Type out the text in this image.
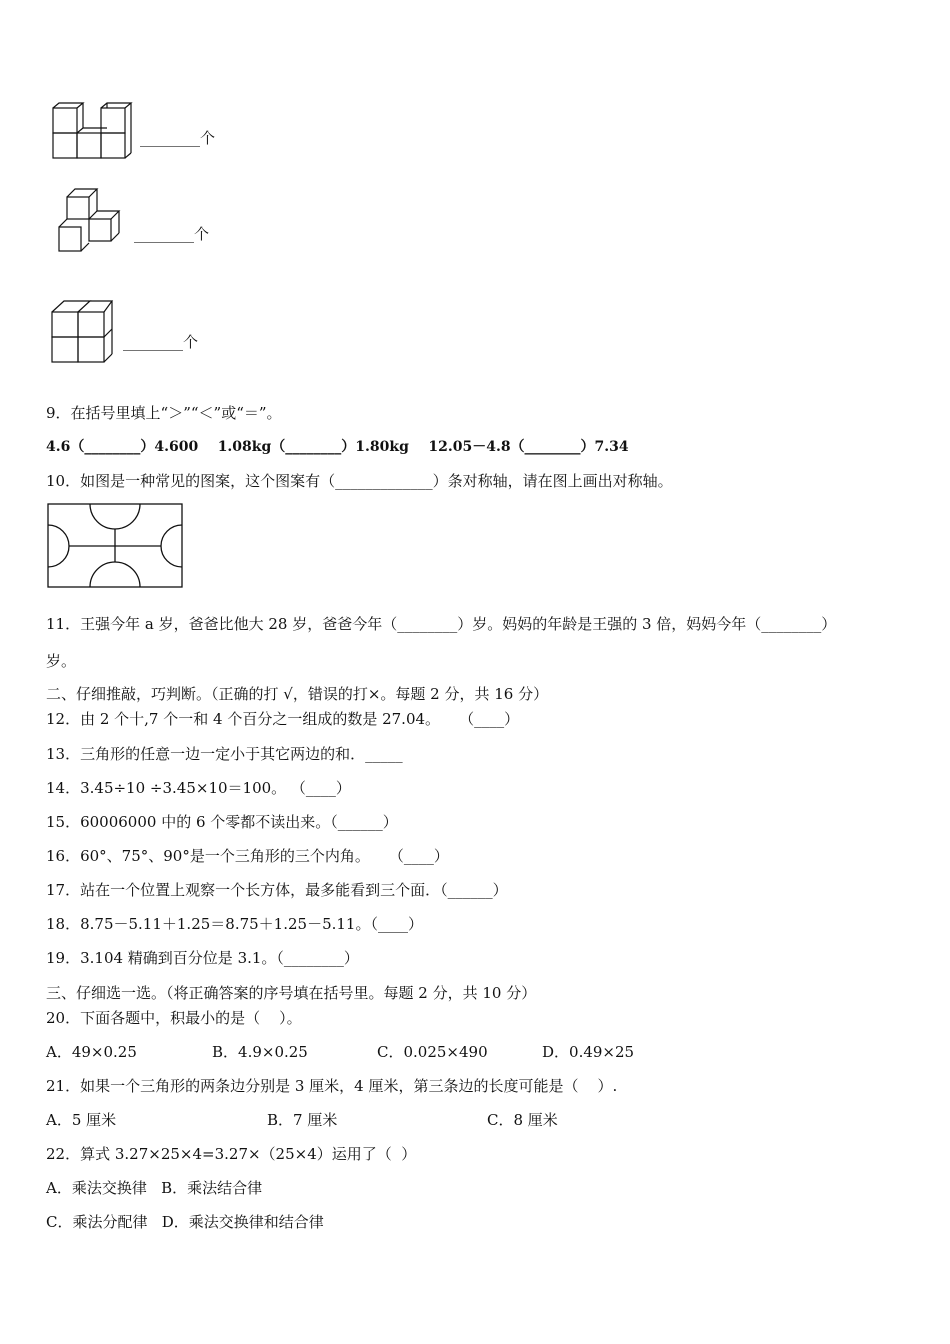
________个
________个
________个
9．在括号里填上“＞”“＜”或“＝”。
4.6（________）4.600    1.08kg（________）1.80kg    12.05－4.8（________）7.34
10．如图是一种常见的图案，这个图案有（_____________）条对称轴，请在图上画出对称轴。
11．王强今年 a 岁，爸爸比他大 28 岁，爸爸今年（________）岁。妈妈的年龄是王强的 3 倍，妈妈今年（________）
岁。
二、仔细推敲，巧判断。（正确的打 √，错误的打×。每题 2 分，共 16 分）
12．由 2 个十,7 个一和 4 个百分之一组成的数是 27.04。    （____）
13．三角形的任意一边一定小于其它两边的和．_____
14．3.45÷10 ÷3.45×10＝100。 （____）
15．60006000 中的 6 个零都不读出来。（______）
16．60°、75°、90°是一个三角形的三个内角。    （____）
17．站在一个位置上观察一个长方体，最多能看到三个面．（______）
18．8.75－5.11＋1.25＝8.75＋1.25－5.11。（____）
19．3.104 精确到百分位是 3.1。（________）
三、仔细选一选。（将正确答案的序号填在括号里。每题 2 分，共 10 分）
20．下面各题中，积最小的是（    ）。
A．49×0.25	B．4.9×0.25	C．0.025×490	D．0.49×25
21．如果一个三角形的两条边分别是 3 厘米，4 厘米，第三条边的长度可能是（    ）.
A．5 厘米	B．7 厘米	C．8 厘米
22．算式 3.27×25×4=3.27×（25×4）运用了（  ）
A．乘法交换律   B．乘法结合律
C．乘法分配律   D．乘法交换律和结合律
